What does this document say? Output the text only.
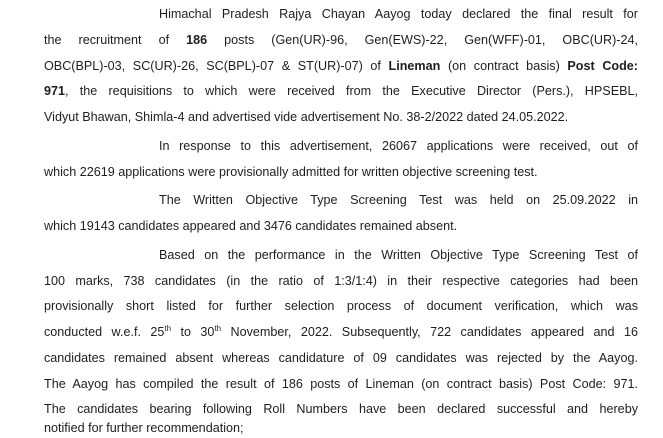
Himachal Pradesh Rajya Chayan Aayog today declared the final result for
the recruitment of 186 posts (Gen(UR)-96, Gen(EWS)-22, Gen(WFF)-01, OBC(UR)-24,
OBC(BPL)-03, SC(UR)-26, SC(BPL)-07 & ST(UR)-07) of Lineman (on contract basis) Post Code:
971, the requisitions to which were received from the Executive Director (Pers.), HPSEBL,
Vidyut Bhawan, Shimla-4 and advertised vide advertisement No. 38-2/2022 dated 24.05.2022.
In response to this advertisement, 26067 applications were received, out of
which 22619 applications were provisionally admitted for written objective screening test.
The Written Objective Type Screening Test was held on 25.09.2022 in
which 19143 candidates appeared and 3476 candidates remained absent.
Based on the performance in the Written Objective Type Screening Test of
100 marks, 738 candidates (in the ratio of 1:3/1:4) in their respective categories had been
provisionally short listed for further selection process of document verification, which was
conducted w.e.f. 25th to 30th November, 2022. Subsequently, 722 candidates appeared and 16
candidates remained absent whereas candidature of 09 candidates was rejected by the Aayog.
The Aayog has compiled the result of 186 posts of Lineman (on contract basis) Post Code: 971.
The candidates bearing following Roll Numbers have been declared successful and hereby
notified for further recommendation;
